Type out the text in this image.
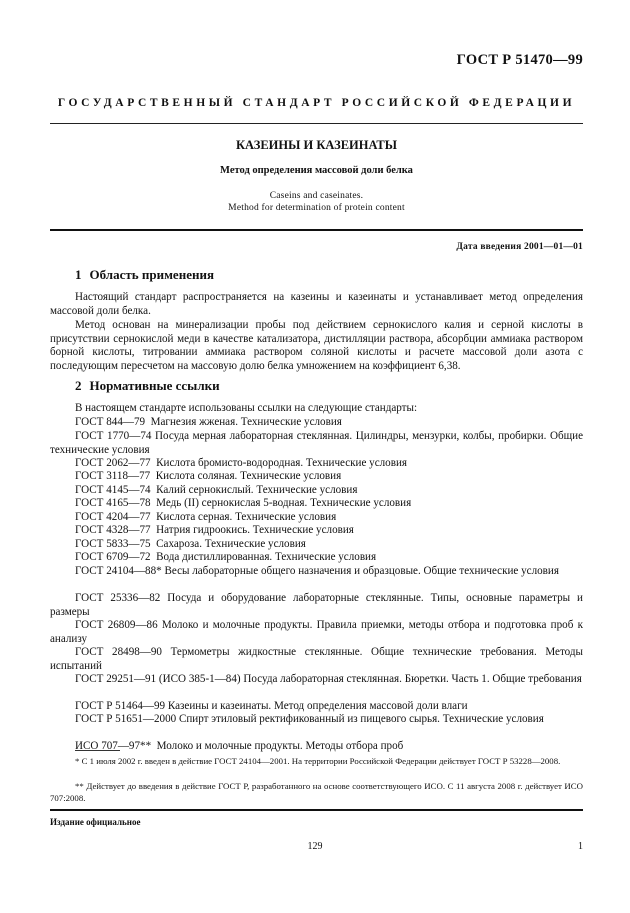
ГОСТ Р 51470—99
ГОСУДАРСТВЕННЫЙ СТАНДАРТ РОССИЙСКОЙ ФЕДЕРАЦИИ
КАЗЕИНЫ И КАЗЕИНАТЫ
Метод определения массовой доли белка
Caseins and caseinates.
Method for determination of protein content
Дата введения 2001—01—01
1 Область применения
Настоящий стандарт распространяется на казеины и казеинаты и устанавливает метод определения массовой доли белка.
Метод основан на минерализации пробы под действием сернокислого калия и серной кислоты в присутствии сернокислой меди в качестве катализатора, дистилляции раствора, абсорбции аммиака раствором борной кислоты, титровании аммиака раствором соляной кислоты и расчете массовой доли азота с последующим пересчетом на массовую долю белка умножением на коэффициент 6,38.
2 Нормативные ссылки
В настоящем стандарте использованы ссылки на следующие стандарты:
ГОСТ 844—79 Магнезия жженая. Технические условия
ГОСТ 1770—74 Посуда мерная лабораторная стеклянная. Цилиндры, мензурки, колбы, пробирки. Общие технические условия
ГОСТ 2062—77 Кислота бромисто-водородная. Технические условия
ГОСТ 3118—77 Кислота соляная. Технические условия
ГОСТ 4145—74 Калий сернокислый. Технические условия
ГОСТ 4165—78 Медь (II) сернокислая 5-водная. Технические условия
ГОСТ 4204—77 Кислота серная. Технические условия
ГОСТ 4328—77 Натрия гидроокись. Технические условия
ГОСТ 5833—75 Сахароза. Технические условия
ГОСТ 6709—72 Вода дистиллированная. Технические условия
ГОСТ 24104—88* Весы лабораторные общего назначения и образцовые. Общие технические условия
ГОСТ 25336—82 Посуда и оборудование лабораторные стеклянные. Типы, основные параметры и размеры
ГОСТ 26809—86 Молоко и молочные продукты. Правила приемки, методы отбора и подготовка проб к анализу
ГОСТ 28498—90 Термометры жидкостные стеклянные. Общие технические требования. Методы испытаний
ГОСТ 29251—91 (ИСО 385-1—84) Посуда лабораторная стеклянная. Бюретки. Часть 1. Общие требования
ГОСТ Р 51464—99 Казеины и казеинаты. Метод определения массовой доли влаги
ГОСТ Р 51651—2000 Спирт этиловый ректификованный из пищевого сырья. Технические условия
ИСО 707—97** Молоко и молочные продукты. Методы отбора проб
* С 1 июля 2002 г. введен в действие ГОСТ 24104—2001. На территории Российской Федерации действует ГОСТ Р 53228—2008.
** Действует до введения в действие ГОСТ Р, разработанного на основе соответствующего ИСО. С 11 августа 2008 г. действует ИСО 707:2008.
Издание официальное
129	1
